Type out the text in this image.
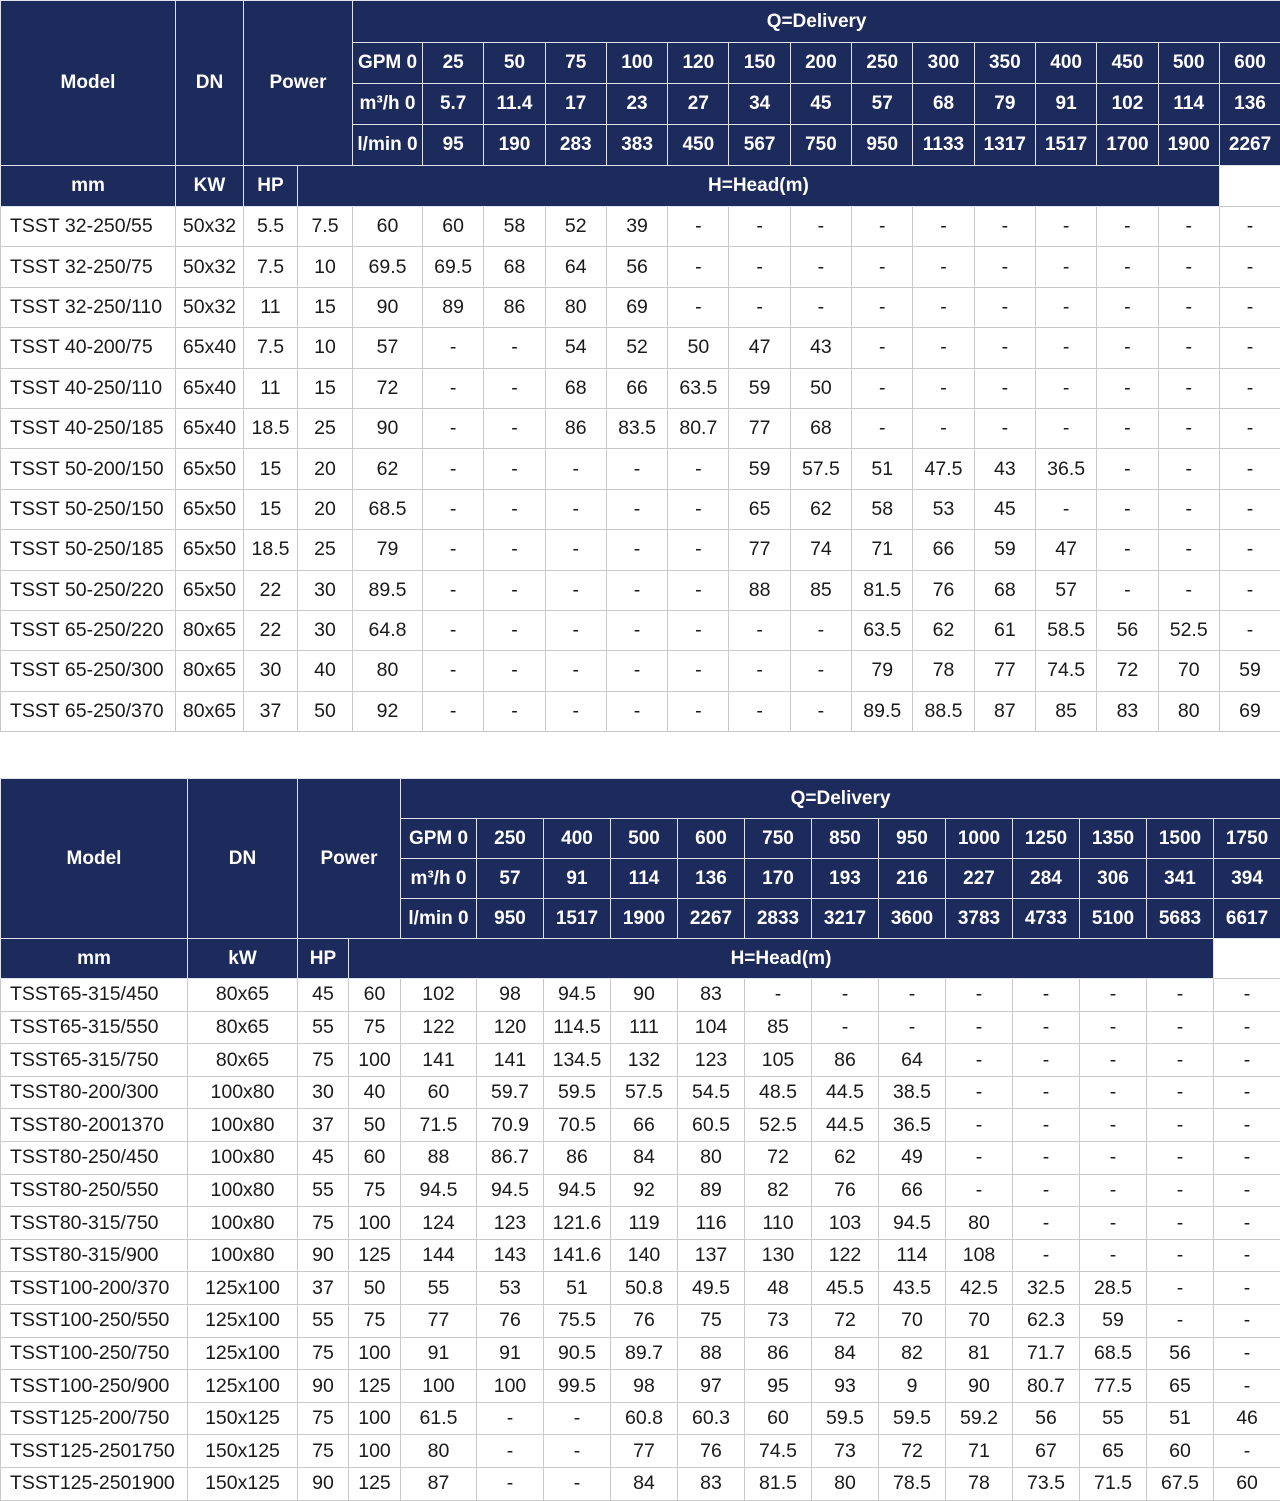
Model	DN	Power		Q=Delivery														
				GPM 0	25	50	75	100	120	150	200	250	300	350	400	450	500	600
				m³/h 0	5.7	11.4	17	23	27	34	45	57	68	79	91	102	114	136
				l/min 0	95	190	283	383	450	567	750	950	1133	1317	1517	1700	1900	2267
mm	KW	HP	H=Head(m)															
TSST 32-250/55	50x32	5.5	7.5	60	60	58	52	39	-	-	-	-	-	-	-	-	-	-
TSST 32-250/75	50x32	7.5	10	69.5	69.5	68	64	56	-	-	-	-	-	-	-	-	-	-
TSST 32-250/110	50x32	11	15	90	89	86	80	69	-	-	-	-	-	-	-	-	-	-
TSST 40-200/75	65x40	7.5	10	57	-	-	54	52	50	47	43	-	-	-	-	-	-	-
TSST 40-250/110	65x40	11	15	72	-	-	68	66	63.5	59	50	-	-	-	-	-	-	-
TSST 40-250/185	65x40	18.5	25	90	-	-	86	83.5	80.7	77	68	-	-	-	-	-	-	-
TSST 50-200/150	65x50	15	20	62	-	-	-	-	-	59	57.5	51	47.5	43	36.5	-	-	-
TSST 50-250/150	65x50	15	20	68.5	-	-	-	-	-	65	62	58	53	45	-	-	-	-
TSST 50-250/185	65x50	18.5	25	79	-	-	-	-	-	77	74	71	66	59	47	-	-	-
TSST 50-250/220	65x50	22	30	89.5	-	-	-	-	-	88	85	81.5	76	68	57	-	-	-
TSST 65-250/220	80x65	22	30	64.8	-	-	-	-	-	-	-	63.5	62	61	58.5	56	52.5	-
TSST 65-250/300	80x65	30	40	80	-	-	-	-	-	-	-	79	78	77	74.5	72	70	59
TSST 65-250/370	80x65	37	50	92	-	-	-	-	-	-	-	89.5	88.5	87	85	83	80	69
Model	DN	Power		Q=Delivery												
				GPM 0	250	400	500	600	750	850	950	1000	1250	1350	1500	1750
				m³/h 0	57	91	114	136	170	193	216	227	284	306	341	394
				l/min 0	950	1517	1900	2267	2833	3217	3600	3783	4733	5100	5683	6617
mm	kW	HP	H=Head(m)													
TSST65-315/450	80x65	45	60	102	98	94.5	90	83	-	-	-	-	-	-	-	-
TSST65-315/550	80x65	55	75	122	120	114.5	111	104	85	-	-	-	-	-	-	-
TSST65-315/750	80x65	75	100	141	141	134.5	132	123	105	86	64	-	-	-	-	-
TSST80-200/300	100x80	30	40	60	59.7	59.5	57.5	54.5	48.5	44.5	38.5	-	-	-	-	-
TSST80-2001370	100x80	37	50	71.5	70.9	70.5	66	60.5	52.5	44.5	36.5	-	-	-	-	-
TSST80-250/450	100x80	45	60	88	86.7	86	84	80	72	62	49	-	-	-	-	-
TSST80-250/550	100x80	55	75	94.5	94.5	94.5	92	89	82	76	66	-	-	-	-	-
TSST80-315/750	100x80	75	100	124	123	121.6	119	116	110	103	94.5	80	-	-	-	-
TSST80-315/900	100x80	90	125	144	143	141.6	140	137	130	122	114	108	-	-	-	-
TSST100-200/370	125x100	37	50	55	53	51	50.8	49.5	48	45.5	43.5	42.5	32.5	28.5	-	-
TSST100-250/550	125x100	55	75	77	76	75.5	76	75	73	72	70	70	62.3	59	-	-
TSST100-250/750	125x100	75	100	91	91	90.5	89.7	88	86	84	82	81	71.7	68.5	56	-
TSST100-250/900	125x100	90	125	100	100	99.5	98	97	95	93	9	90	80.7	77.5	65	-
TSST125-200/750	150x125	75	100	61.5	-	-	60.8	60.3	60	59.5	59.5	59.2	56	55	51	46
TSST125-2501750	150x125	75	100	80	-	-	77	76	74.5	73	72	71	67	65	60	-
TSST125-2501900	150x125	90	125	87	-	-	84	83	81.5	80	78.5	78	73.5	71.5	67.5	60
